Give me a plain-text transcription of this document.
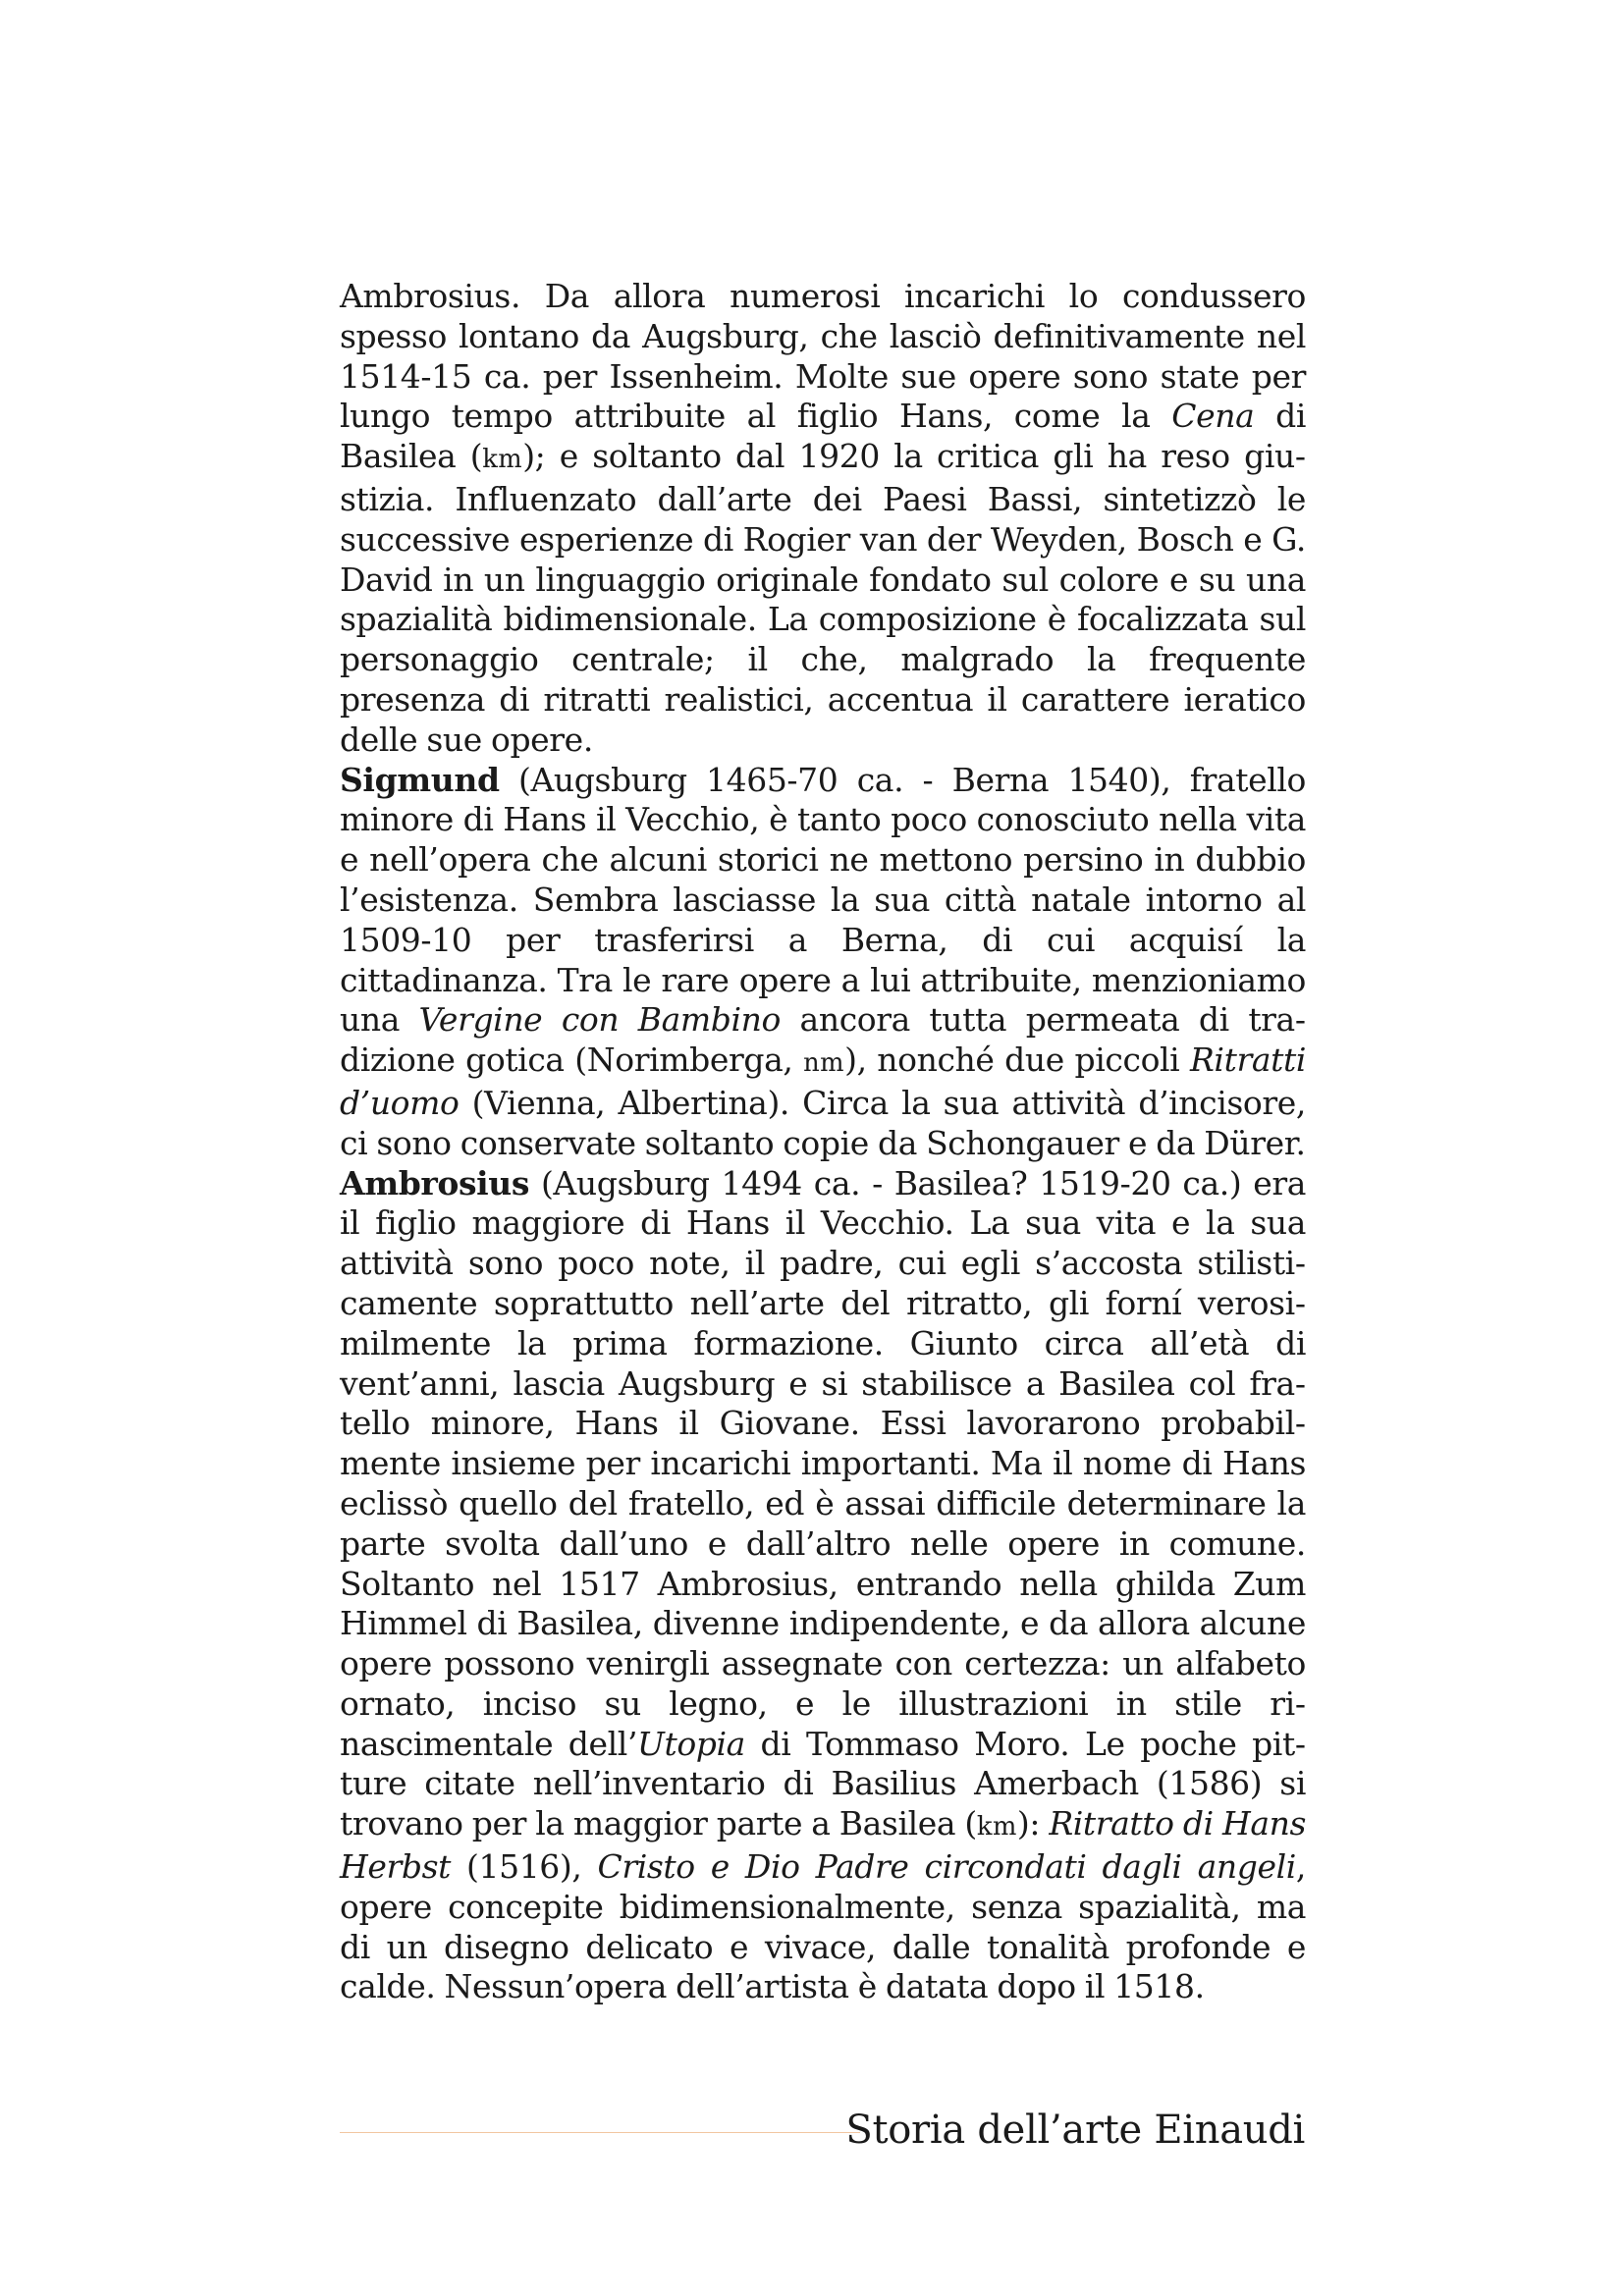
Ambrosius. Da allora numerosi incarichi lo condussero spesso lontano da Augsburg, che lasciò definitivamente nel 1514-15 ca. per Issenheim. Molte sue opere sono state per lungo tempo attribuite al figlio Hans, come la Cena di Basilea (km); e soltanto dal 1920 la critica gli ha reso giustizia. Influenzato dall’arte dei Paesi Bassi, sintetizzò le successive esperienze di Rogier van der Weyden, Bosch e G. David in un linguaggio originale fondato sul colore e su una spazialità bidimensionale. La composizione è focalizzata sul personaggio centrale; il che, malgrado la frequente presenza di ritratti realistici, accentua il carattere ieratico delle sue opere.

Sigmund (Augsburg 1465-70 ca. - Berna 1540), fratello minore di Hans il Vecchio, è tanto poco conosciuto nella vita e nell’opera che alcuni storici ne mettono persino in dubbio l’esistenza. Sembra lasciasse la sua città natale intorno al 1509-10 per trasferirsi a Berna, di cui acquisí la cittadinanza. Tra le rare opere a lui attribuite, menzioniamo una Vergine con Bambino ancora tutta permeata di tradizione gotica (Norimberga, nm), nonché due piccoli Ritratti d’uomo (Vienna, Albertina). Circa la sua attività d’incisore, ci sono conservate soltanto copie da Schongauer e da Dürer.

Ambrosius (Augsburg 1494 ca. - Basilea? 1519-20 ca.) era il figlio maggiore di Hans il Vecchio. La sua vita e la sua attività sono poco note, il padre, cui egli s’accosta stilisticamente soprattutto nell’arte del ritratto, gli forní verosimilmente la prima formazione. Giunto circa all’età di vent’anni, lascia Augsburg e si stabilisce a Basilea col fratello minore, Hans il Giovane. Essi lavorarono probabilmente insieme per incarichi importanti. Ma il nome di Hans eclissò quello del fratello, ed è assai difficile determinare la parte svolta dall’uno e dall’altro nelle opere in comune. Soltanto nel 1517 Ambrosius, entrando nella ghilda Zum Himmel di Basilea, divenne indipendente, e da allora alcune opere possono venirgli assegnate con certezza: un alfabeto ornato, inciso su legno, e le illustrazioni in stile rinascimentale dell’Utopia di Tommaso Moro. Le poche pitture citate nell’inventario di Basilius Amerbach (1586) si trovano per la maggior parte a Basilea (km): Ritratto di Hans Herbst (1516), Cristo e Dio Padre circondati dagli angeli, opere concepite bidimensionalmente, senza spazialità, ma di un disegno delicato e vivace, dalle tonalità profonde e calde. Nessun’opera dell’artista è datata dopo il 1518.

Storia dell’arte Einaudi
